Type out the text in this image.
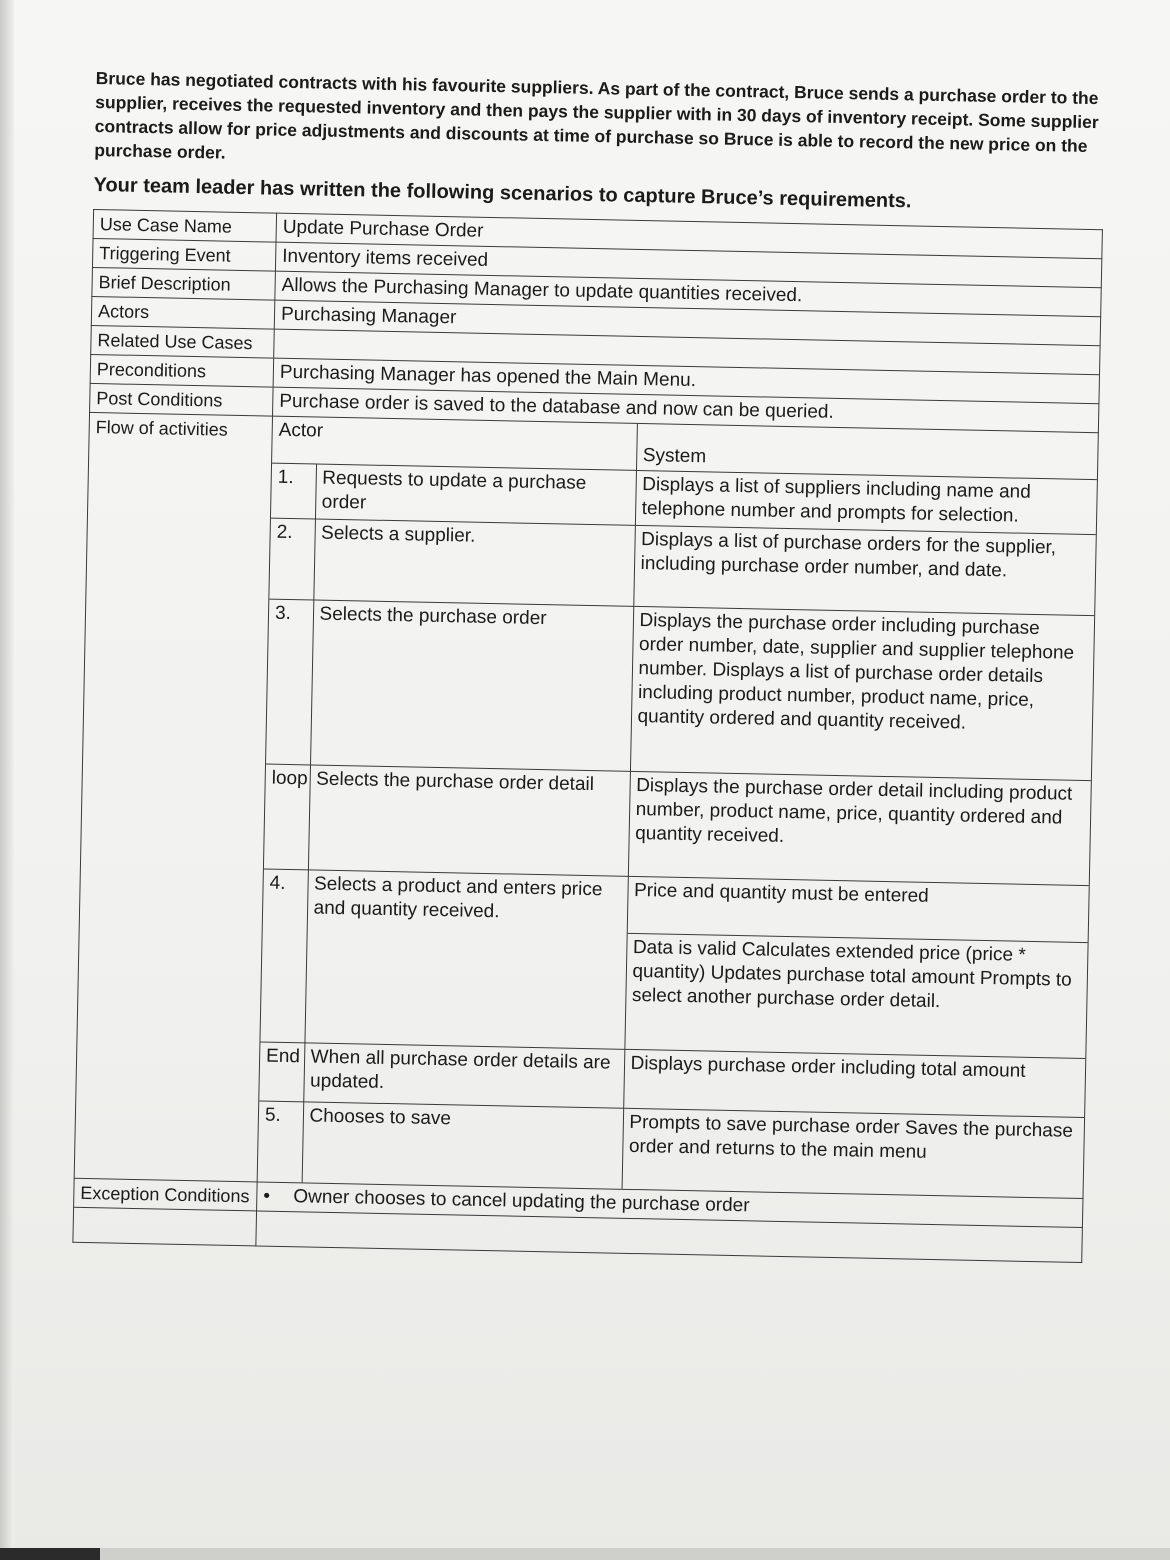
Bruce has negotiated contracts with his favourite suppliers. As part of the contract, Bruce sends a purchase order to the supplier, receives the requested inventory and then pays the supplier with in 30 days of inventory receipt. Some supplier contracts allow for price adjustments and discounts at time of purchase so Bruce is able to record the new price on the purchase order.

Your team leader has written the following scenarios to capture Bruce’s requirements.

Use Case Name	Update Purchase Order
Triggering Event	Inventory items received
Brief Description	Allows the Purchasing Manager to update quantities received.
Actors	Purchasing Manager
Related Use Cases	
Preconditions	Purchasing Manager has opened the Main Menu.
Post Conditions	Purchase order is saved to the database and now can be queried.
Flow of activities		Actor	System
1.	Requests to update a purchase order	Displays a list of suppliers including name and telephone number and prompts for selection.
2.	Selects a supplier.	Displays a list of purchase orders for the supplier, including purchase order number, and date.
3.	Selects the purchase order	Displays the purchase order including purchase order number, date, supplier and supplier telephone number. Displays a list of purchase order details including product number, product name, price, quantity ordered and quantity received.
loop	Selects the purchase order detail	Displays the purchase order detail including product number, product name, price, quantity ordered and quantity received.
4.	Selects a product and enters price and quantity received.	Price and quantity must be entered
		Data is valid Calculates extended price (price * quantity) Updates purchase total amount Prompts to select another purchase order detail.
End	When all purchase order details are updated.	Displays purchase order including total amount
5.	Chooses to save	Prompts to save purchase order Saves the purchase order and returns to the main menu

Exception Conditions	• Owner chooses to cancel updating the purchase order
